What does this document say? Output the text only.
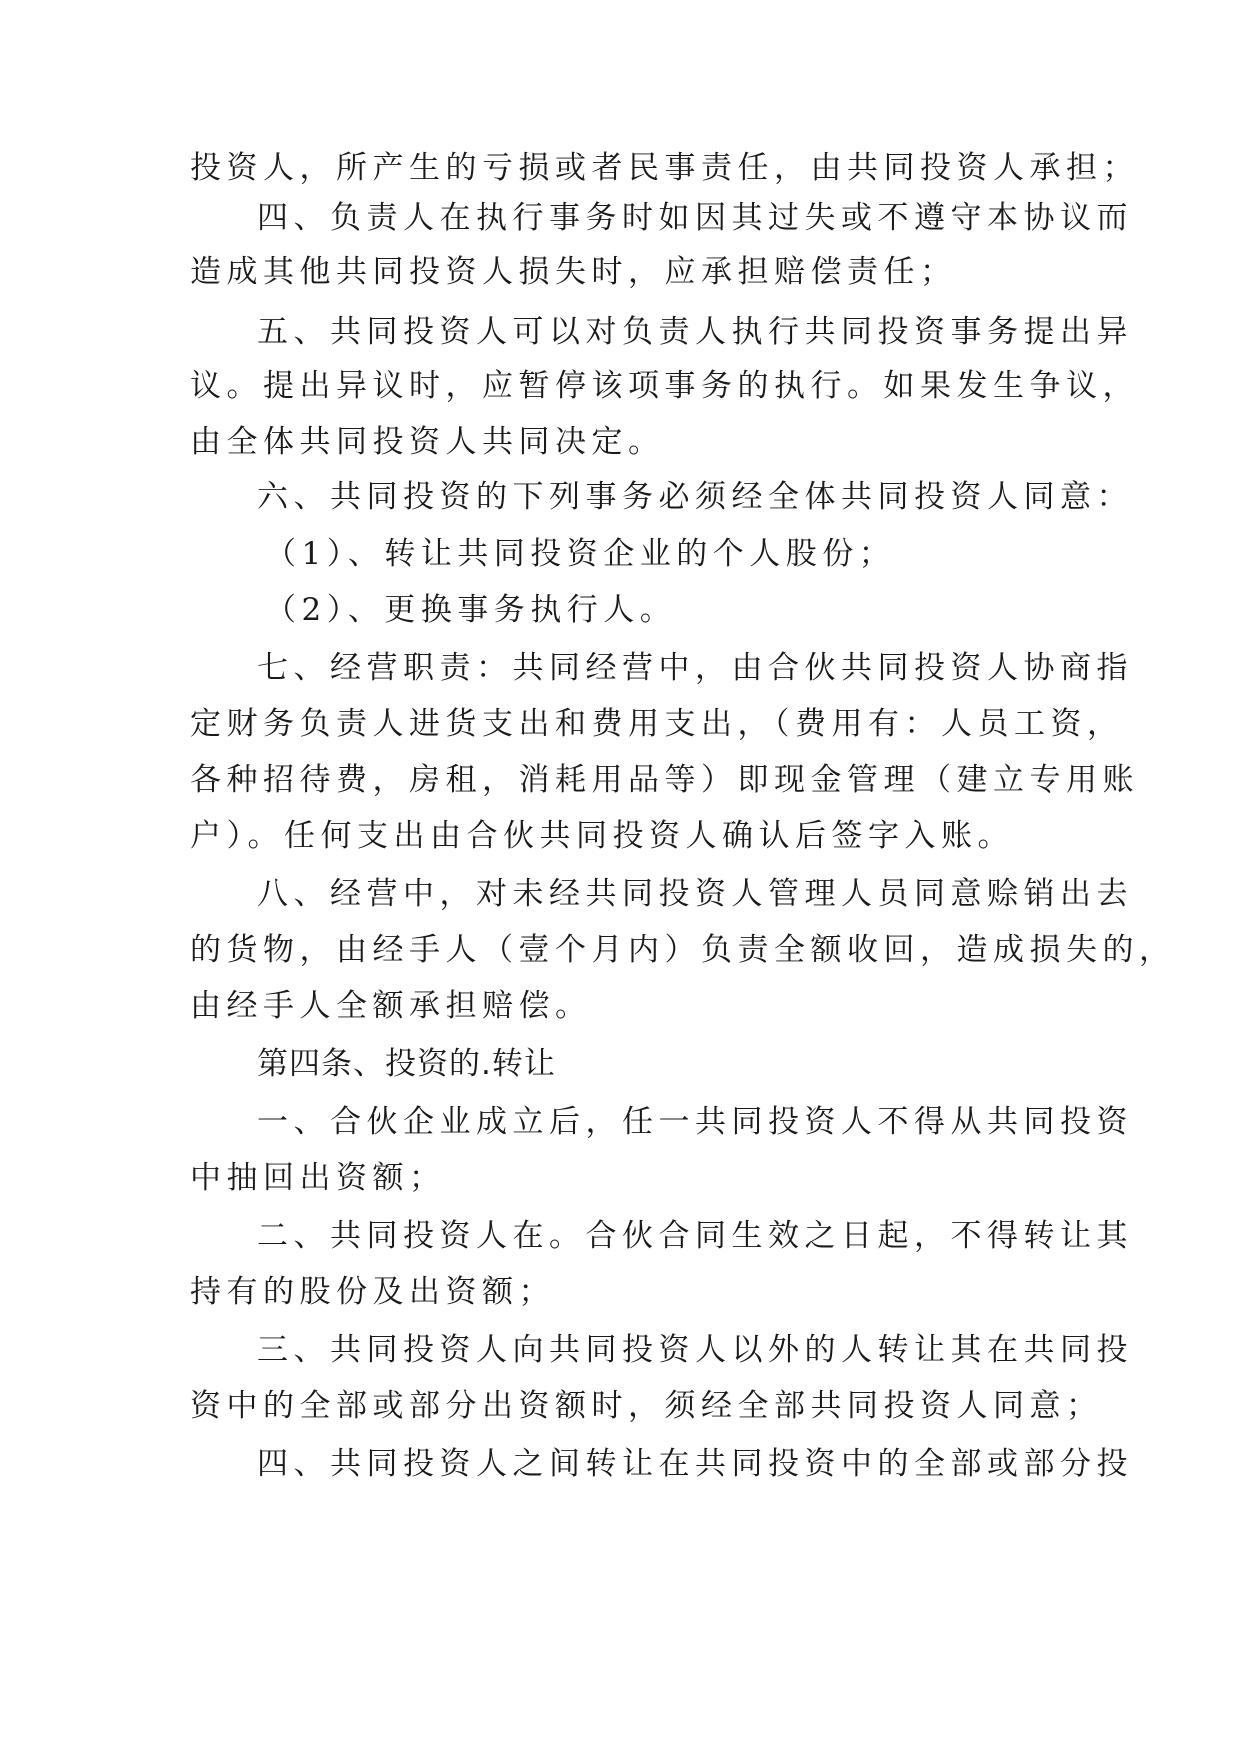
投资人，所产生的亏损或者民事责任，由共同投资人承担；
四、负责人在执行事务时如因其过失或不遵守本协议而
造成其他共同投资人损失时，应承担赔偿责任；
五、共同投资人可以对负责人执行共同投资事务提出异
议。提出异议时，应暂停该项事务的执行。如果发生争议，
由全体共同投资人共同决定。
六、共同投资的下列事务必须经全体共同投资人同意：
（1）、转让共同投资企业的个人股份；
（2）、更换事务执行人。
七、经营职责：共同经营中，由合伙共同投资人协商指
定财务负责人进货支出和费用支出，（费用有：人员工资，
各种招待费，房租，消耗用品等）即现金管理（建立专用账
户）。任何支出由合伙共同投资人确认后签字入账。
八、经营中，对未经共同投资人管理人员同意赊销出去
的货物，由经手人（壹个月内）负责全额收回，造成损失的，
由经手人全额承担赔偿。
第四条、投资的.转让
一、合伙企业成立后，任一共同投资人不得从共同投资
中抽回出资额；
二、共同投资人在。合伙合同生效之日起，不得转让其
持有的股份及出资额；
三、共同投资人向共同投资人以外的人转让其在共同投
资中的全部或部分出资额时，须经全部共同投资人同意；
四、共同投资人之间转让在共同投资中的全部或部分投
